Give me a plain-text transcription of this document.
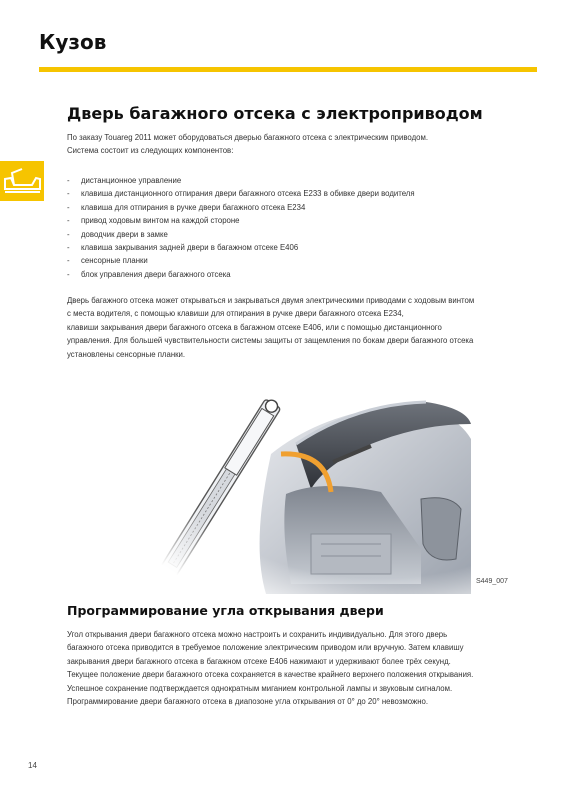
Кузов
Дверь багажного отсека с электроприводом
По заказу Touareg 2011 может оборудоваться дверью багажного отсека с электрическим приводом.
Система состоит из следующих компонентов:
- дистанционное управление
- клавиша дистанционного отпирания двери багажного отсека E233 в обивке двери водителя
- клавиша для отпирания в ручке двери багажного отсека E234
- привод ходовым винтом на каждой стороне
- доводчик двери в замке
- клавиша закрывания задней двери в багажном отсеке E406
- сенсорные планки
- блок управления двери багажного отсека
Дверь багажного отсека может открываться и закрываться двумя электрическими приводами с ходовым винтом
с места водителя, с помощью клавиши для отпирания в ручке двери багажного отсека E234,
клавиши закрывания двери багажного отсека в багажном отсеке E406, или с помощью дистанционного
управления. Для большей чувствительности системы защиты от защемления по бокам двери багажного отсека
установлены сенсорные планки.
S449_007
Программирование угла открывания двери
Угол открывания двери багажного отсека можно настроить и сохранить индивидуально. Для этого дверь
багажного отсека приводится в требуемое положение электрическим приводом или вручную. Затем клавишу
закрывания двери багажного отсека в багажном отсеке E406 нажимают и удерживают более трёх секунд.
Текущее положение двери багажного отсека сохраняется в качестве крайнего верхнего положения открывания.
Успешное сохранение подтверждается однократным миганием контрольной лампы и звуковым сигналом.
Программирование двери багажного отсека в диапозоне угла открывания от 0° до 20° невозможно.
14
